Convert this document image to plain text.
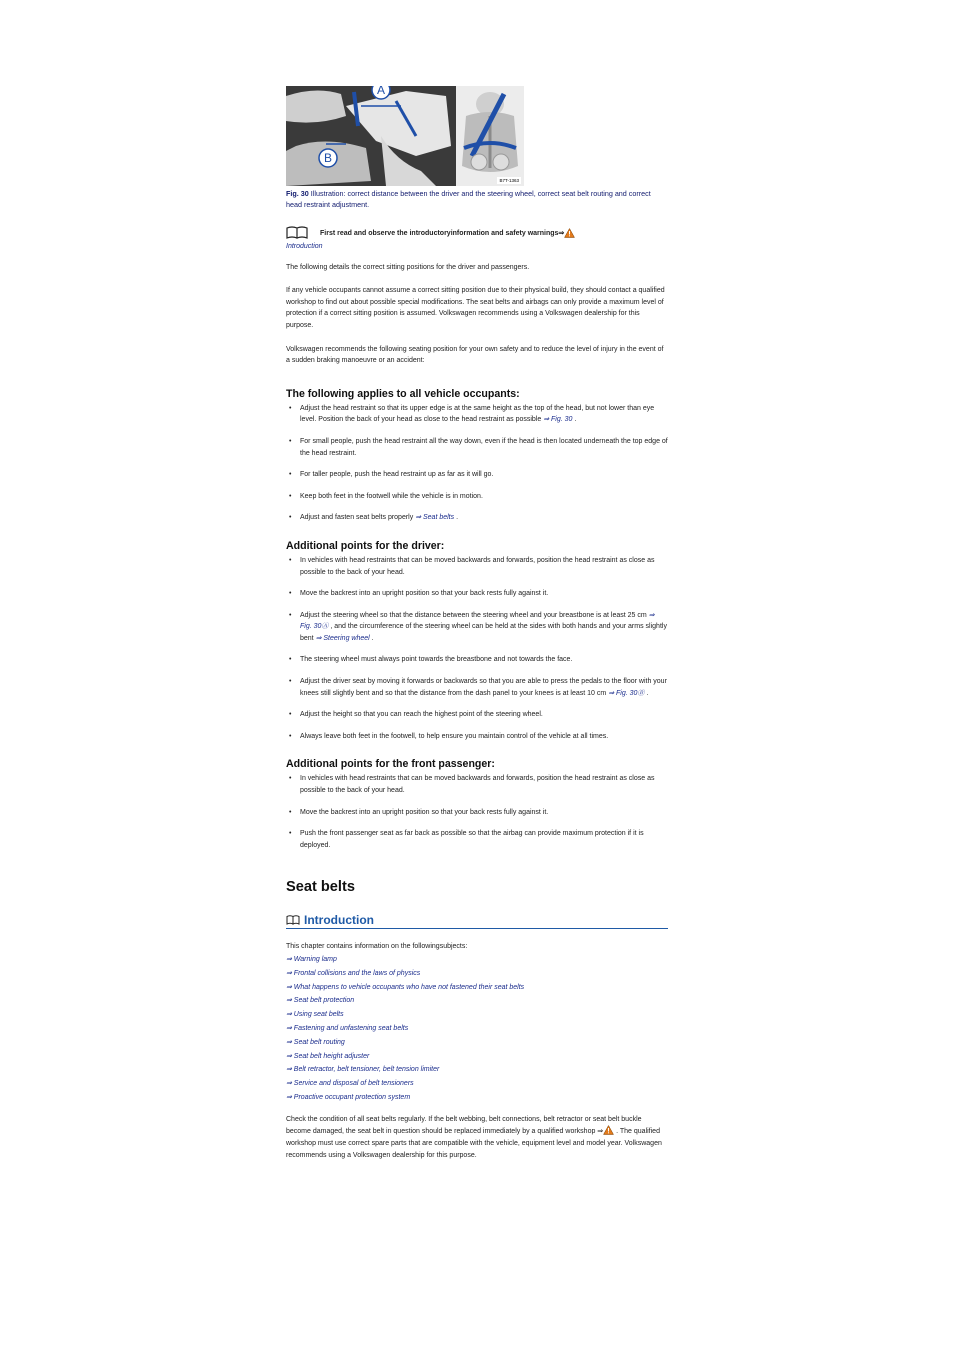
A
B
B7T-1363
Fig. 30 Illustration: correct distance between the driver and the steering wheel, correct seat belt routing and correct head restraint adjustment.
First read and observe the introductoryinformation and safety warnings⇒
Introduction

The following details the correct sitting positions for the driver and passengers.

If any vehicle occupants cannot assume a correct sitting position due to their physical build, they should contact a qualified workshop to find out about possible special modifications. The seat belts and airbags can only provide a maximum level of protection if a correct sitting position is assumed. Volkswagen recommends using a Volkswagen dealership for this purpose.

Volkswagen recommends the following seating position for your own safety and to reduce the level of injury in the event of a sudden braking manoeuvre or an accident:

The following applies to all vehicle occupants:
• Adjust the head restraint so that its upper edge is at the same height as the top of the head, but not lower than eye level. Position the back of your head as close to the head restraint as possible ⇒ Fig. 30 .
• For small people, push the head restraint all the way down, even if the head is then located underneath the top edge of the head restraint.
• For taller people, push the head restraint up as far as it will go.
• Keep both feet in the footwell while the vehicle is in motion.
• Adjust and fasten seat belts properly ⇒ Seat belts .
Additional points for the driver:
• In vehicles with head restraints that can be moved backwards and forwards, position the head restraint as close as possible to the back of your head.
• Move the backrest into an upright position so that your back rests fully against it.
• Adjust the steering wheel so that the distance between the steering wheel and your breastbone is at least 25 cm ⇒ Fig. 30Ⓐ , and the circumference of the steering wheel can be held at the sides with both hands and your arms slightly bent ⇒ Steering wheel .
• The steering wheel must always point towards the breastbone and not towards the face.
• Adjust the driver seat by moving it forwards or backwards so that you are able to press the pedals to the floor with your knees still slightly bent and so that the distance from the dash panel to your knees is at least 10 cm ⇒ Fig. 30Ⓑ .
• Adjust the height so that you can reach the highest point of the steering wheel.
• Always leave both feet in the footwell, to help ensure you maintain control of the vehicle at all times.
Additional points for the front passenger:
• In vehicles with head restraints that can be moved backwards and forwards, position the head restraint as close as possible to the back of your head.
• Move the backrest into an upright position so that your back rests fully against it.
• Push the front passenger seat as far back as possible so that the airbag can provide maximum protection if it is deployed.
Seat belts
Introduction

This chapter contains information on the followingsubjects:

⇒ Warning lamp
⇒ Frontal collisions and the laws of physics
⇒ What happens to vehicle occupants who have not fastened their seat belts
⇒ Seat belt protection
⇒ Using seat belts
⇒ Fastening and unfastening seat belts
⇒ Seat belt routing
⇒ Seat belt height adjuster
⇒ Belt retractor, belt tensioner, belt tension limiter
⇒ Service and disposal of belt tensioners
⇒ Proactive occupant protection system

Check the condition of all seat belts regularly. If the belt webbing, belt connections, belt retractor or seat belt buckle become damaged, the seat belt in question should be replaced immediately by a qualified workshop ⇒ . The qualified workshop must use correct spare parts that are compatible with the vehicle, equipment level and model year. Volkswagen recommends using a Volkswagen dealership for this purpose.
